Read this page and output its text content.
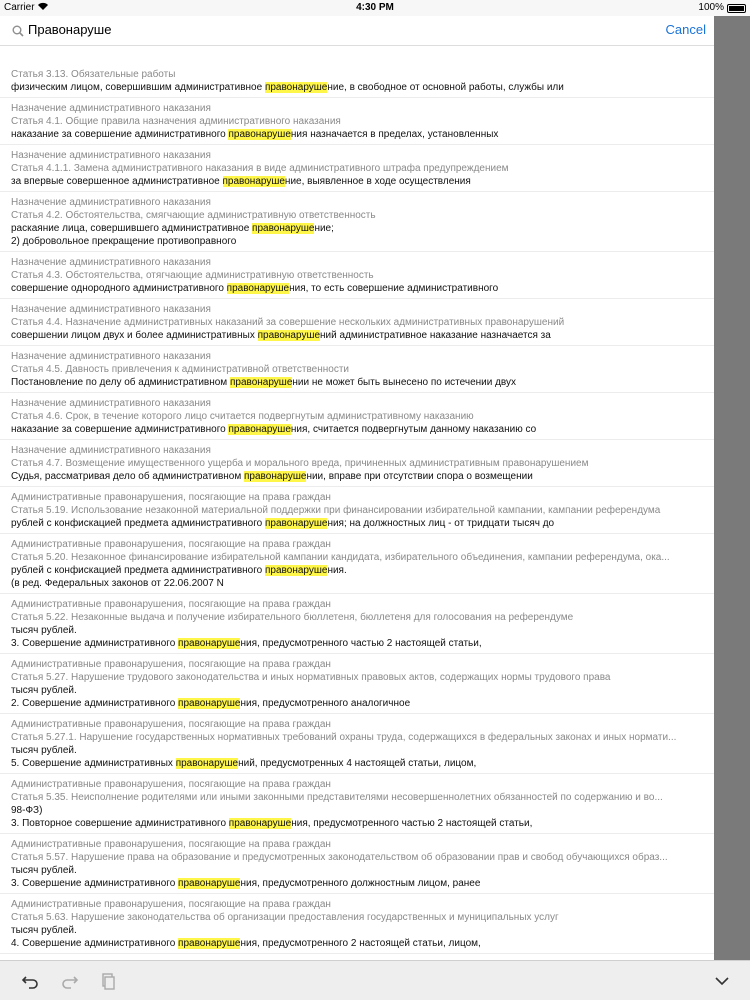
Carrier	4:30 PM	100%
Правонаруше
Cancel
Статья 3.13. Обязательные работы
физическим лицом, совершившим административное правонарушение, в свободное от основной работы, службы или
Назначение административного наказания
Статья 4.1. Общие правила назначения административного наказания
наказание за совершение административного правонарушения назначается в пределах, установленных
Назначение административного наказания
Статья 4.1.1. Замена административного наказания в виде административного штрафа предупреждением
за впервые совершенное административное правонарушение, выявленное в ходе осуществления
Назначение административного наказания
Статья 4.2. Обстоятельства, смягчающие административную ответственность
раскаяние лица, совершившего административное правонарушение;
2) добровольное прекращение противоправного
Назначение административного наказания
Статья 4.3. Обстоятельства, отягчающие административную ответственность
совершение однородного административного правонарушения, то есть совершение административного
Назначение административного наказания
Статья 4.4. Назначение административных наказаний за совершение нескольких административных правонарушений
совершении лицом двух и более административных правонарушений административное наказание назначается за
Назначение административного наказания
Статья 4.5. Давность привлечения к административной ответственности
Постановление по делу об административном правонарушении не может быть вынесено по истечении двух
Назначение административного наказания
Статья 4.6. Срок, в течение которого лицо считается подвергнутым административному наказанию
наказание за совершение административного правонарушения, считается подвергнутым данному наказанию со
Назначение административного наказания
Статья 4.7. Возмещение имущественного ущерба и морального вреда, причиненных административным правонарушением
Судья, рассматривая дело об административном правонарушении, вправе при отсутствии спора о возмещении
Административные правонарушения, посягающие на права граждан
Статья 5.19. Использование незаконной материальной поддержки при финансировании избирательной кампании, кампании референдума
рублей с конфискацией предмета административного правонарушения; на должностных лиц - от тридцати тысяч до
Административные правонарушения, посягающие на права граждан
Статья 5.20. Незаконное финансирование избирательной кампании кандидата, избирательного объединения, кампании референдума, ока...
рублей с конфискацией предмета административного правонарушения.
(в ред. Федеральных законов от 22.06.2007 N
Административные правонарушения, посягающие на права граждан
Статья 5.22. Незаконные выдача и получение избирательного бюллетеня, бюллетеня для голосования на референдуме
тысяч рублей.
3. Совершение административного правонарушения, предусмотренного частью 2 настоящей статьи,
Административные правонарушения, посягающие на права граждан
Статья 5.27. Нарушение трудового законодательства и иных нормативных правовых актов, содержащих нормы трудового права
тысяч рублей.
2. Совершение административного правонарушения, предусмотренного аналогичное
Административные правонарушения, посягающие на права граждан
Статья 5.27.1. Нарушение государственных нормативных требований охраны труда, содержащихся в федеральных законах и иных нормати...
тысяч рублей.
5. Совершение административных правонарушений, предусмотренных 4 настоящей статьи, лицом,
Административные правонарушения, посягающие на права граждан
Статья 5.35. Неисполнение родителями или иными законными представителями несовершеннолетних обязанностей по содержанию и во...
98-ФЗ)
3. Повторное совершение административного правонарушения, предусмотренного частью 2 настоящей статьи,
Административные правонарушения, посягающие на права граждан
Статья 5.57. Нарушение права на образование и предусмотренных законодательством об образовании прав и свобод обучающихся образ...
тысяч рублей.
3. Совершение административного правонарушения, предусмотренного должностным лицом, ранее
Административные правонарушения, посягающие на права граждан
Статья 5.63. Нарушение законодательства об организации предоставления государственных и муниципальных услуг
тысяч рублей.
4. Совершение административного правонарушения, предусмотренного 2 настоящей статьи, лицом,
